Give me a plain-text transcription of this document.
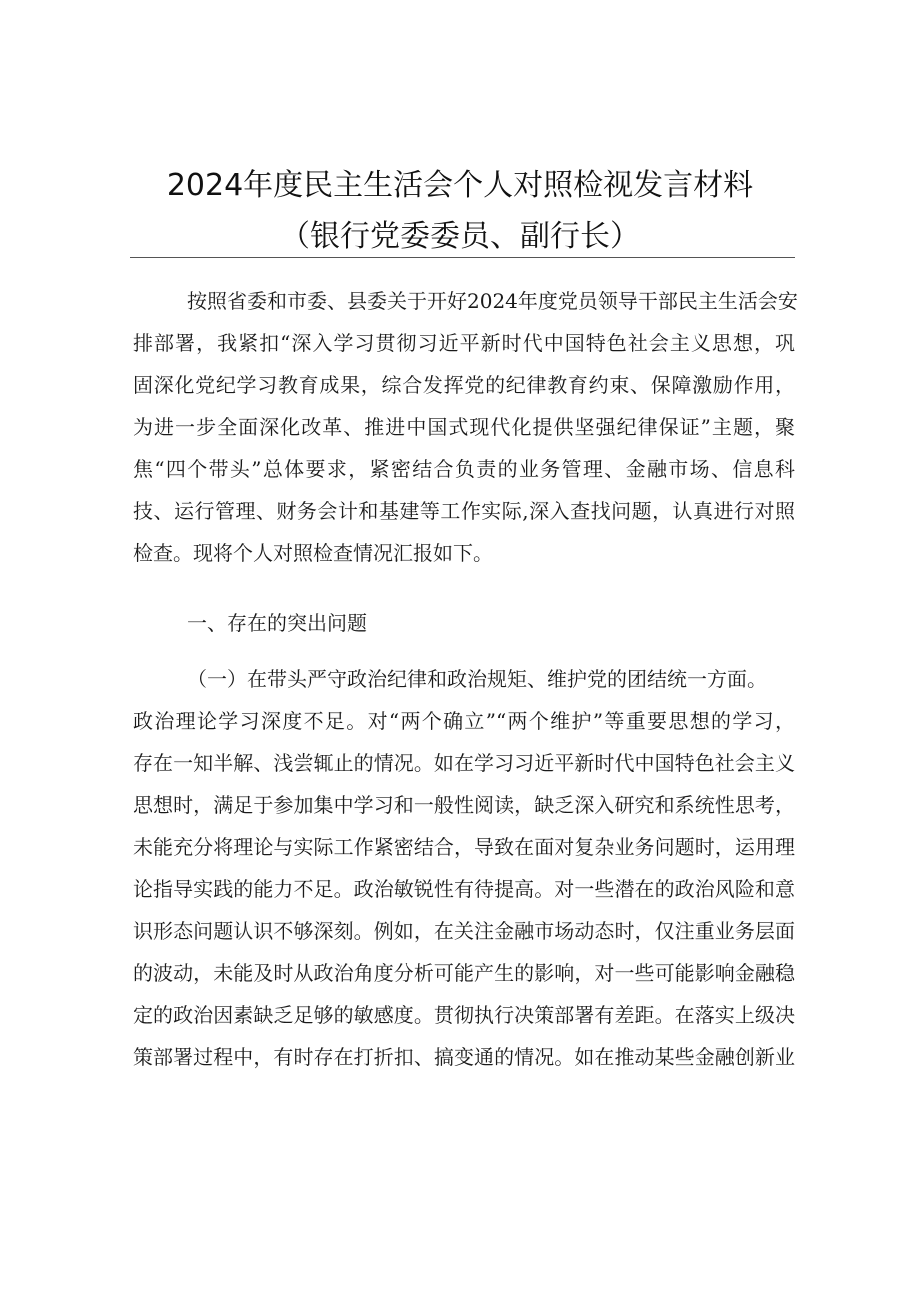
2024年度民主生活会个人对照检视发言材料
（银行党委委员、副行长）
按照省委和市委、县委关于开好2024年度党员领导干部民主生活会安
排部署，我紧扣“深入学习贯彻习近平新时代中国特色社会主义思想，巩
固深化党纪学习教育成果，综合发挥党的纪律教育约束、保障激励作用，
为进一步全面深化改革、推进中国式现代化提供坚强纪律保证”主题，聚
焦“四个带头”总体要求，紧密结合负责的业务管理、金融市场、信息科
技、运行管理、财务会计和基建等工作实际,深入查找问题，认真进行对照
检查。现将个人对照检查情况汇报如下。
一、存在的突出问题
（一）在带头严守政治纪律和政治规矩、维护党的团结统一方面。
政治理论学习深度不足。对“两个确立”“两个维护”等重要思想的学习，
存在一知半解、浅尝辄止的情况。如在学习习近平新时代中国特色社会主义
思想时，满足于参加集中学习和一般性阅读，缺乏深入研究和系统性思考，
未能充分将理论与实际工作紧密结合，导致在面对复杂业务问题时，运用理
论指导实践的能力不足。政治敏锐性有待提高。对一些潜在的政治风险和意
识形态问题认识不够深刻。例如，在关注金融市场动态时，仅注重业务层面
的波动，未能及时从政治角度分析可能产生的影响，对一些可能影响金融稳
定的政治因素缺乏足够的敏感度。贯彻执行决策部署有差距。在落实上级决
策部署过程中，有时存在打折扣、搞变通的情况。如在推动某些金融创新业
